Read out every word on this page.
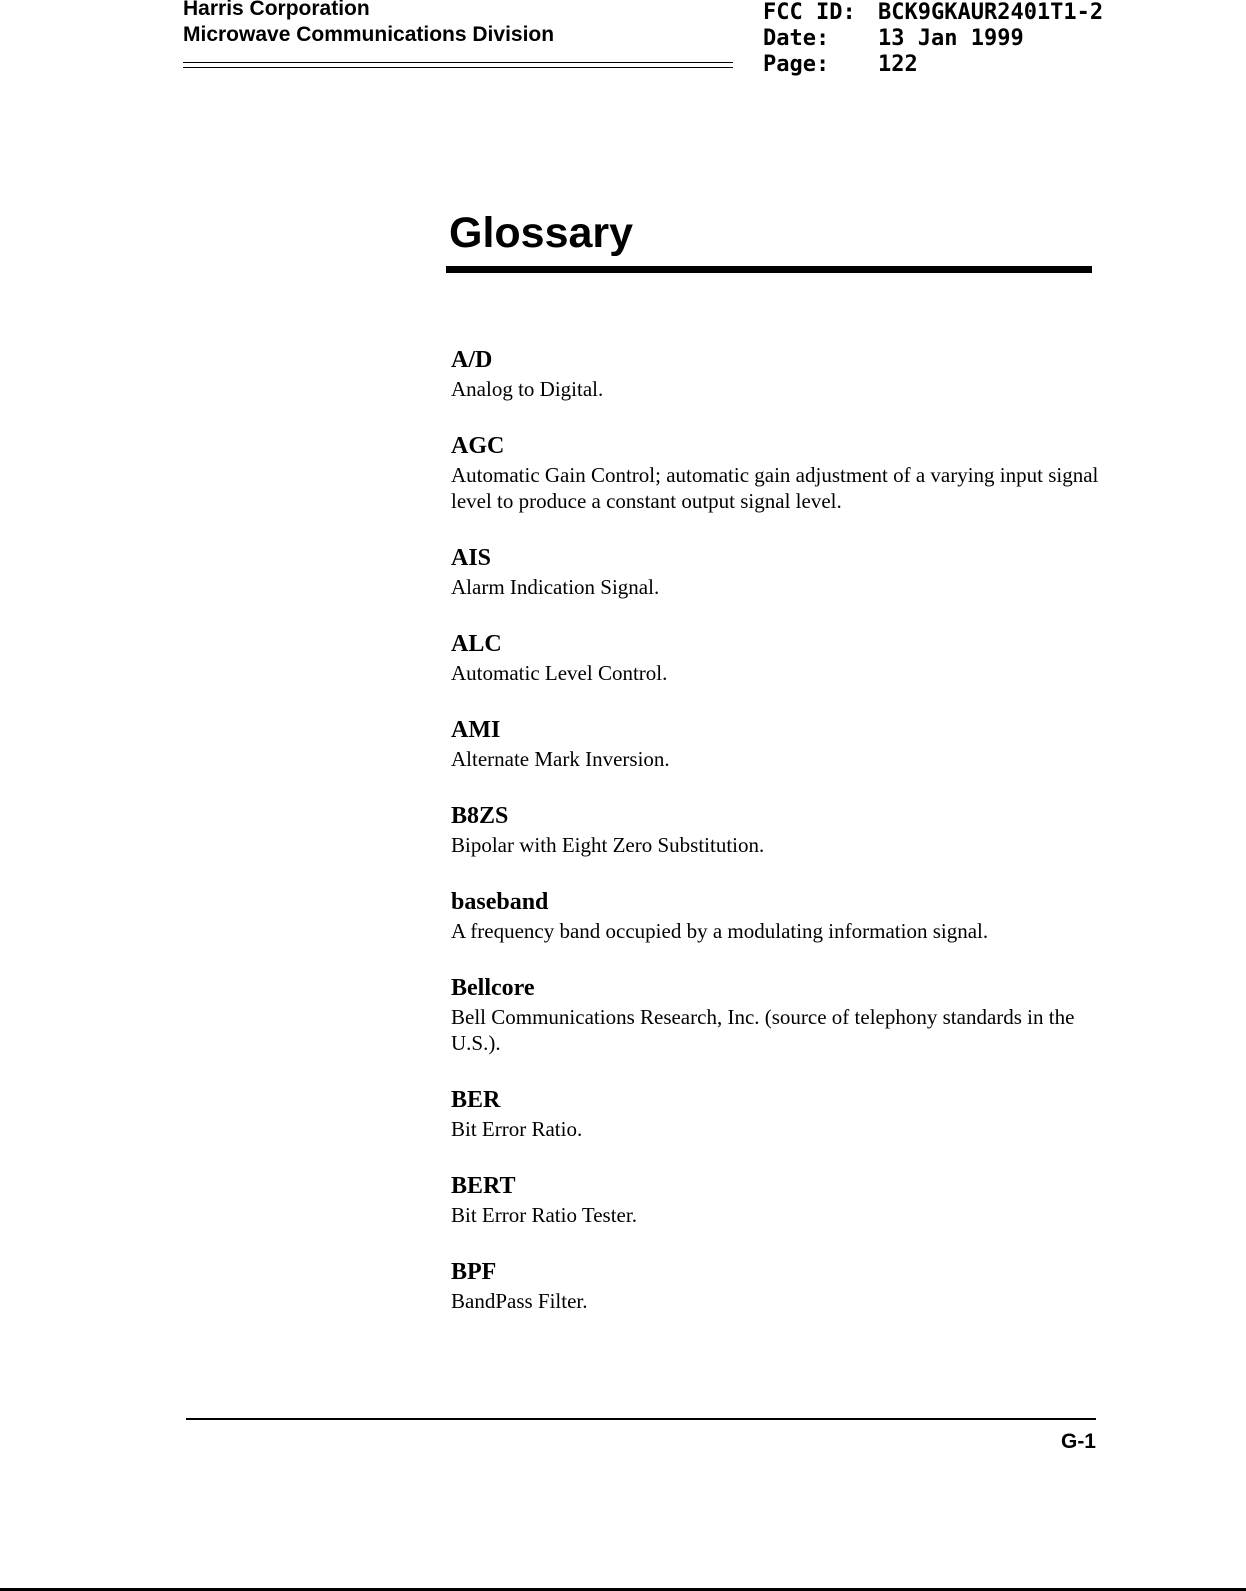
Harris Corporation
Microwave Communications Division
FCC ID:	BCK9GKAUR2401T1-2
Date:	13 Jan 1999
Page:	122
Glossary

A/D

Analog to Digital.

AGC

Automatic Gain Control; automatic gain adjustment of a varying input signal level to produce a constant output signal level.

AIS

Alarm Indication Signal.

ALC

Automatic Level Control.

AMI

Alternate Mark Inversion.

B8ZS

Bipolar with Eight Zero Substitution.

baseband

A frequency band occupied by a modulating information signal.

Bellcore

Bell Communications Research, Inc. (source of telephony standards in the U.S.).

BER

Bit Error Ratio.

BERT

Bit Error Ratio Tester.

BPF

BandPass Filter.

G-1
